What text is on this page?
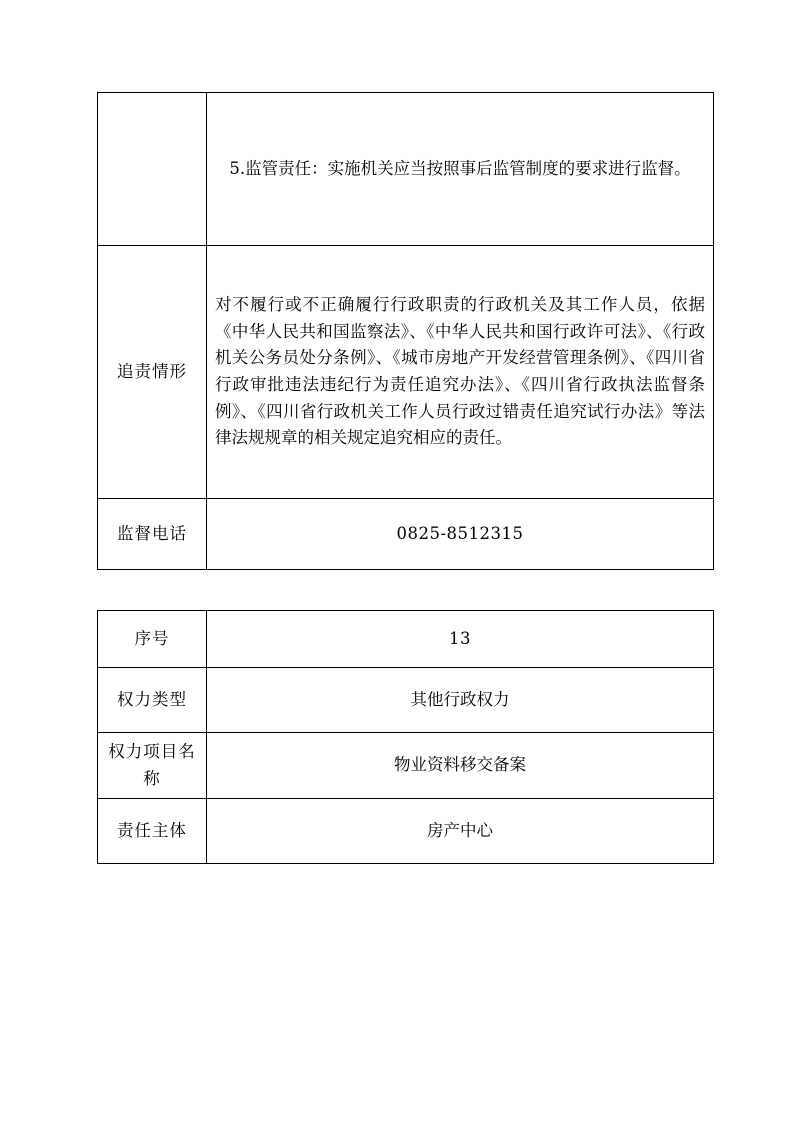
	5.监管责任：实施机关应当按照事后监管制度的要求进行监督。
追责情形	对不履行或不正确履行行政职责的行政机关及其工作人员，依据《中华人民共和国监察法》、《中华人民共和国行政许可法》、《行政机关公务员处分条例》、《城市房地产开发经营管理条例》、《四川省行政审批违法违纪行为责任追究办法》、《四川省行政执法监督条例》、《四川省行政机关工作人员行政过错责任追究试行办法》等法律法规规章的相关规定追究相应的责任。
监督电话	0825-8512315
序号	13
权力类型	其他行政权力
权力项目名称	物业资料移交备案
责任主体	房产中心
